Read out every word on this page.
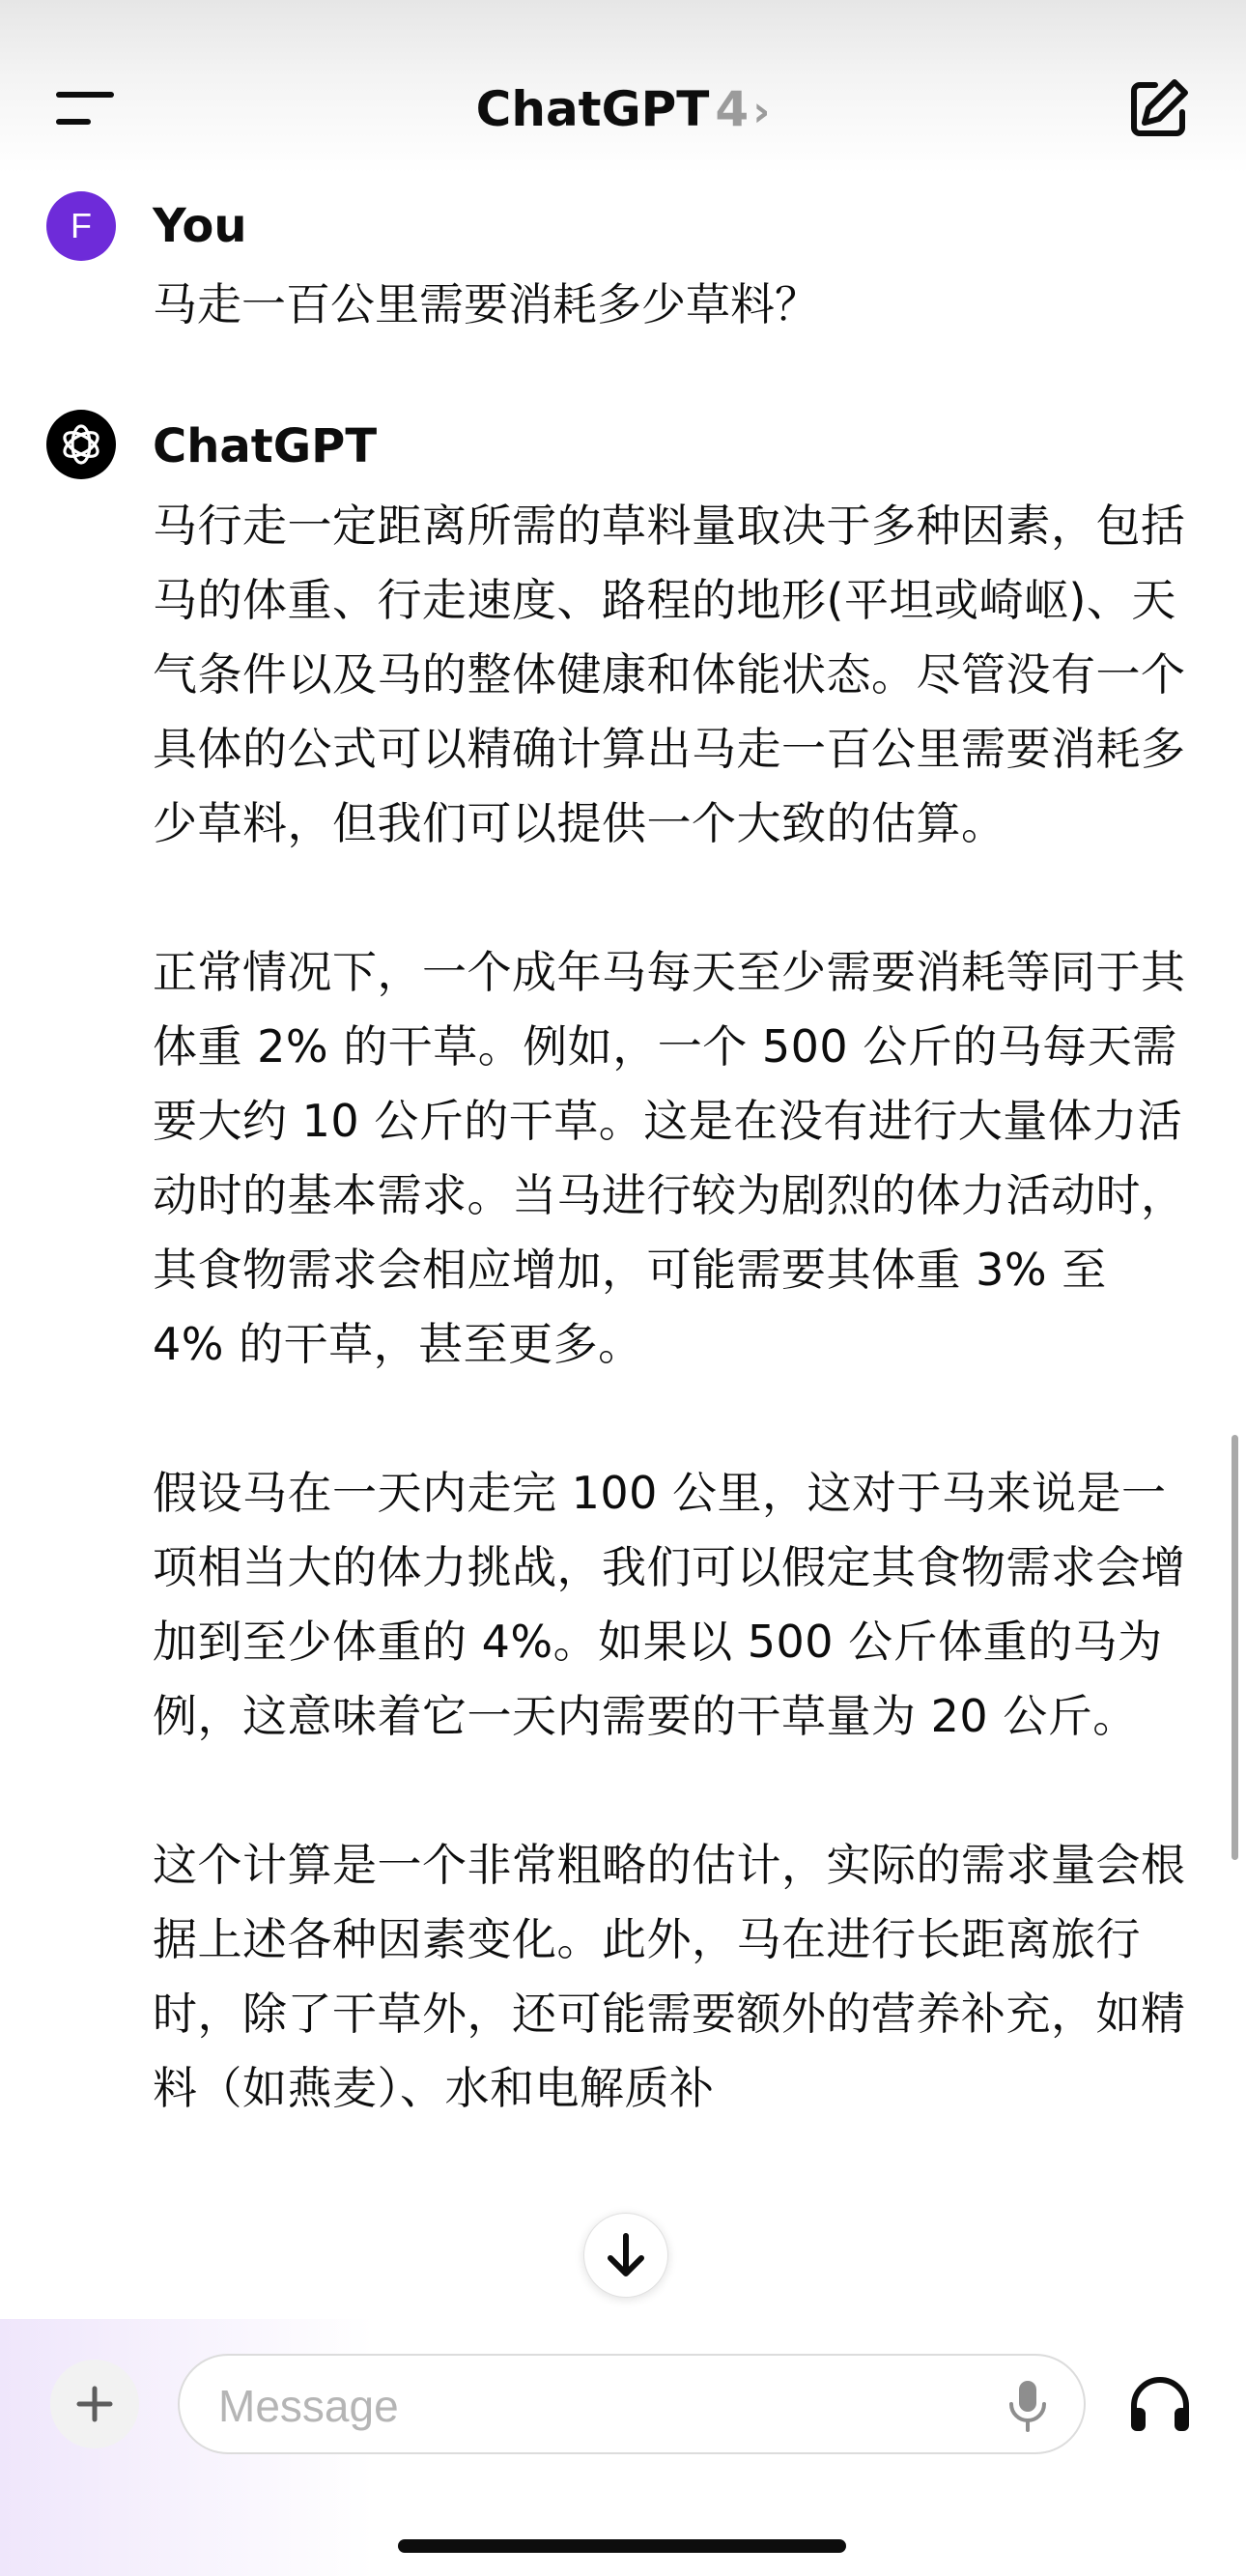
ChatGPT 4›
F	You
马走一百公里需要消耗多少草料？
ChatGPT

马行走一定距离所需的草料量取决于多种因素，包括马的体重、行走速度、路程的地形(平坦或崎岖)、天气条件以及马的整体健康和体能状态。尽管没有一个具体的公式可以精确计算出马走一百公里需要消耗多少草料，但我们可以提供一个大致的估算。

正常情况下，一个成年马每天至少需要消耗等同于其体重 2% 的干草。例如，一个 500 公斤的马每天需要大约 10 公斤的干草。这是在没有进行大量体力活动时的基本需求。当马进行较为剧烈的体力活动时，其食物需求会相应增加，可能需要其体重 3% 至 4% 的干草，甚至更多。

假设马在一天内走完 100 公里，这对于马来说是一项相当大的体力挑战，我们可以假定其食物需求会增加到至少体重的 4%。如果以 500 公斤体重的马为例，这意味着它一天内需要的干草量为 20 公斤。

这个计算是一个非常粗略的估计，实际的需求量会根据上述各种因素变化。此外，马在进行长距离旅行时，除了干草外，还可能需要额外的营养补充，如精料（如燕麦）、水和电解质补

Message
